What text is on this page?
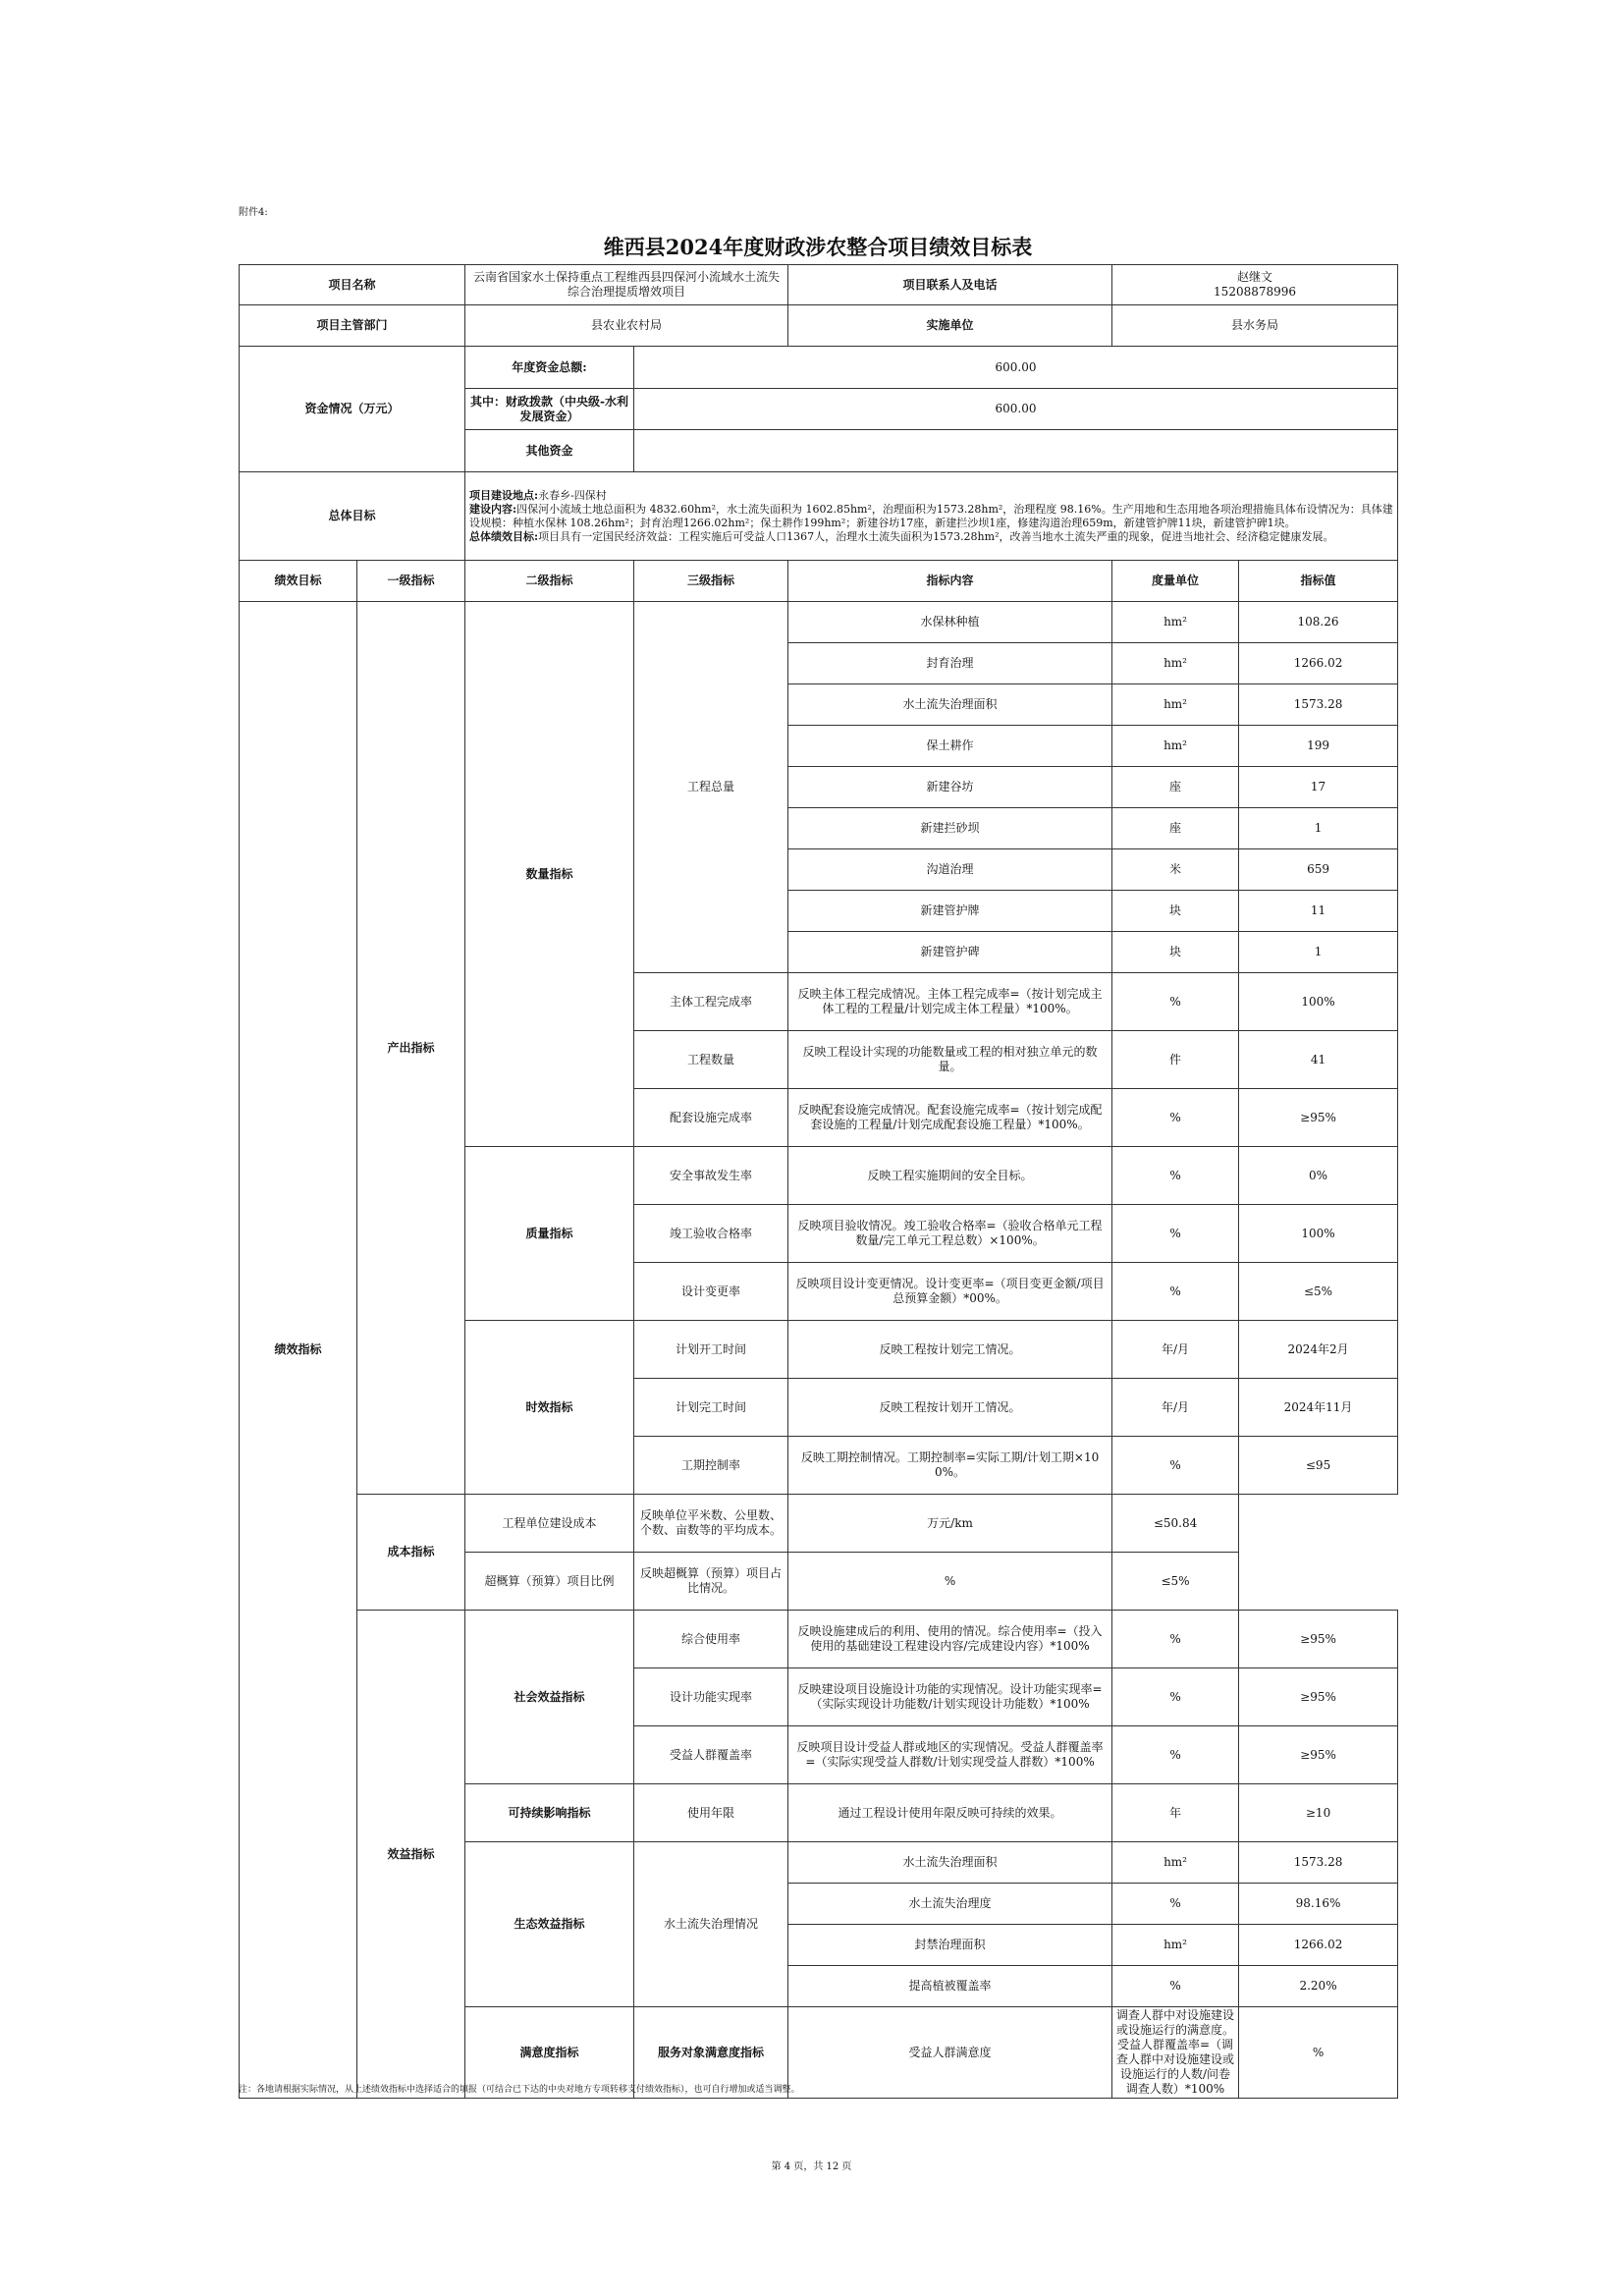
附件4:
维西县2024年度财政涉农整合项目绩效目标表
项目名称		云南省国家水土保持重点工程维西县四保河小流域水土流失综合治理提质增效项目		项目联系人及电话	赵继文
15208878996		
项目主管部门		县农业农村局		实施单位	县水务局		
资金情况（万元）		年度资金总额:	600.00				
		其中：财政拨款（中央级-水利发展资金）	600.00				
		其他资金					
总体目标		项目建设地点:永春乡-四保村
建设内容:四保河小流域土地总面积为 4832.60hm²，水土流失面积为 1602.85hm²，治理面积为1573.28hm²，治理程度 98.16%。生产用地和生态用地各项治理措施具体布设情况为：具体建设规模：种植水保林 108.26hm²；封育治理1266.02hm²；保土耕作199hm²；新建谷坊17座，新建拦沙坝1座，修建沟道治理659m，新建管护牌11块，新建管护碑1块。
总体绩效目标:项目具有一定国民经济效益：工程实施后可受益人口1367人，治理水土流失面积为1573.28hm²，改善当地水土流失严重的现象，促进当地社会、经济稳定健康发展。					

绩效目标	一级指标	二级指标	三级指标	指标内容	度量单位	指标值	
绩效指标	产出指标	数量指标	工程总量	水保林种植	hm²	108.26	
				封育治理	hm²	1266.02	
				水土流失治理面积	hm²	1573.28	
				保土耕作	hm²	199	
				新建谷坊	座	17	
				新建拦砂坝	座	1	
				沟道治理	米	659	
				新建管护牌	块	11	
				新建管护碑	块	1	
			主体工程完成率	反映主体工程完成情况。主体工程完成率=（按计划完成主体工程的工程量/计划完成主体工程量）*100%。	%	100%	
			工程数量	反映工程设计实现的功能数量或工程的相对独立单元的数量。	件	41	
			配套设施完成率	反映配套设施完成情况。配套设施完成率=（按计划完成配套设施的工程量/计划完成配套设施工程量）*100%。	%	≥95%	
		质量指标	安全事故发生率	反映工程实施期间的安全目标。	%	0%	
			竣工验收合格率	反映项目验收情况。竣工验收合格率=（验收合格单元工程数量/完工单元工程总数）×100%。	%	100%	
			设计变更率	反映项目设计变更情况。设计变更率=（项目变更金额/项目总预算金额）*00%。	%	≤5%	
		时效指标	计划开工时间	反映工程按计划完工情况。	年/月	2024年2月	
			计划完工时间	反映工程按计划开工情况。	年/月	2024年11月	
			工期控制率	反映工期控制情况。工期控制率=实际工期/计划工期×100%。	%	≤95	
	成本指标	工程单位建设成本	反映单位平米数、公里数、个数、亩数等的平均成本。	万元/km	≤50.84		
		超概算（预算）项目比例	反映超概算（预算）项目占比情况。	%	≤5%		
	效益指标	社会效益指标	综合使用率	反映设施建成后的利用、使用的情况。综合使用率=（投入使用的基础建设工程建设内容/完成建设内容）*100%	%	≥95%	
			设计功能实现率	反映建设项目设施设计功能的实现情况。设计功能实现率=（实际实现设计功能数/计划实现设计功能数）*100%	%	≥95%	
			受益人群覆盖率	反映项目设计受益人群或地区的实现情况。受益人群覆盖率=（实际实现受益人群数/计划实现受益人群数）*100%	%	≥95%	
		可持续影响指标	使用年限	通过工程设计使用年限反映可持续的效果。	年	≥10	
		生态效益指标	水土流失治理情况	水土流失治理面积	hm²	1573.28	
				水土流失治理度	%	98.16%	
				封禁治理面积	hm²	1266.02	
				提高植被覆盖率	%	2.20%	
		满意度指标	服务对象满意度指标	受益人群满意度	调查人群中对设施建设或设施运行的满意度。受益人群覆盖率=（调查人群中对设施建设或设施运行的人数/问卷调查人数）*100%	%	
注：各地请根据实际情况，从上述绩效指标中选择适合的填报（可结合已下达的中央对地方专项转移支付绩效指标），也可自行增加或适当调整。
第 4 页，共 12 页
